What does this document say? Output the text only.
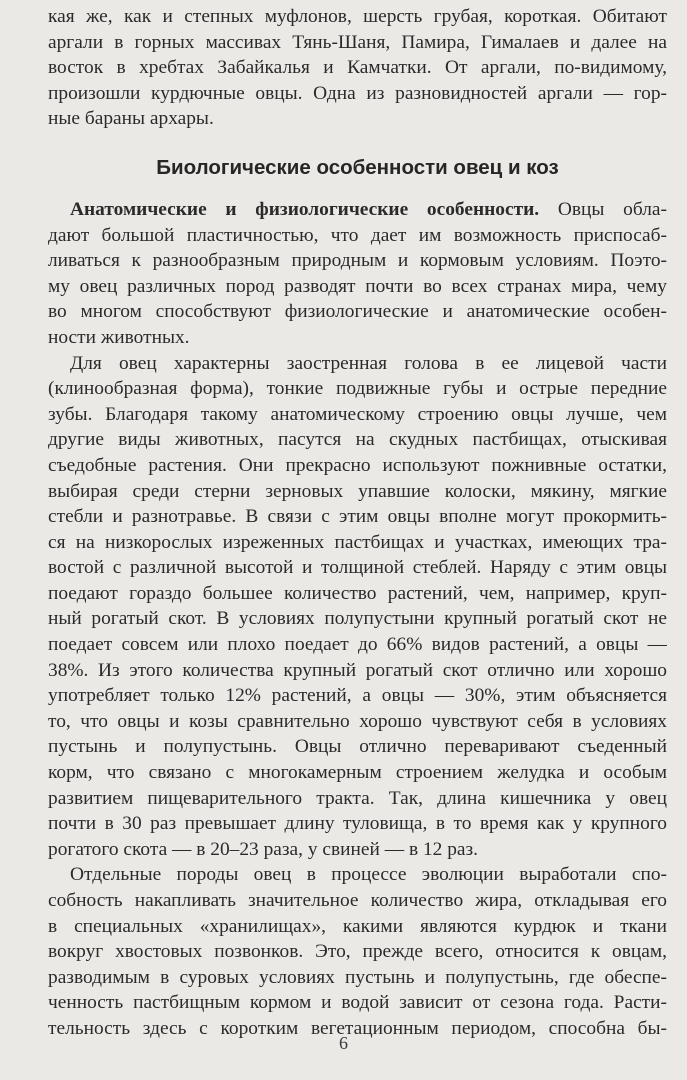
кая же, как и степных муфлонов, шерсть грубая, короткая. Обитают
аргали в горных массивах Тянь-Шаня, Памира, Гималаев и далее на
восток в хребтах Забайкалья и Камчатки. От аргали, по-видимому,
произошли курдючные овцы. Одна из разновидностей аргали — гор-
ные бараны архары.
Биологические особенности овец и коз
Анатомические и физиологические особенности. Овцы обла-
дают большой пластичностью, что дает им возможность приспосаб-
ливаться к разнообразным природным и кормовым условиям. Поэто-
му овец различных пород разводят почти во всех странах мира, чему
во многом способствуют физиологические и анатомические особен-
ности животных.
Для овец характерны заостренная голова в ее лицевой части
(клинообразная форма), тонкие подвижные губы и острые передние
зубы. Благодаря такому анатомическому строению овцы лучше, чем
другие виды животных, пасутся на скудных пастбищах, отыскивая
съедобные растения. Они прекрасно используют пожнивные остатки,
выбирая среди стерни зерновых упавшие колоски, мякину, мягкие
стебли и разнотравье. В связи с этим овцы вполне могут прокормить-
ся на низкорослых изреженных пастбищах и участках, имеющих тра-
востой с различной высотой и толщиной стеблей. Наряду с этим овцы
поедают гораздо большее количество растений, чем, например, круп-
ный рогатый скот. В условиях полупустыни крупный рогатый скот не
поедает совсем или плохо поедает до 66% видов растений, а овцы —
38%. Из этого количества крупный рогатый скот отлично или хорошо
употребляет только 12% растений, а овцы — 30%, этим объясняется
то, что овцы и козы сравнительно хорошо чувствуют себя в условиях
пустынь и полупустынь. Овцы отлично переваривают съеденный
корм, что связано с многокамерным строением желудка и особым
развитием пищеварительного тракта. Так, длина кишечника у овец
почти в 30 раз превышает длину туловища, в то время как у крупного
рогатого скота — в 20–23 раза, у свиней — в 12 раз.
Отдельные породы овец в процессе эволюции выработали спо-
собность накапливать значительное количество жира, откладывая его
в специальных «хранилищах», какими являются курдюк и ткани
вокруг хвостовых позвонков. Это, прежде всего, относится к овцам,
разводимым в суровых условиях пустынь и полупустынь, где обеспе-
ченность пастбищным кормом и водой зависит от сезона года. Расти-
тельность здесь с коротким вегетационным периодом, способна бы-
6
